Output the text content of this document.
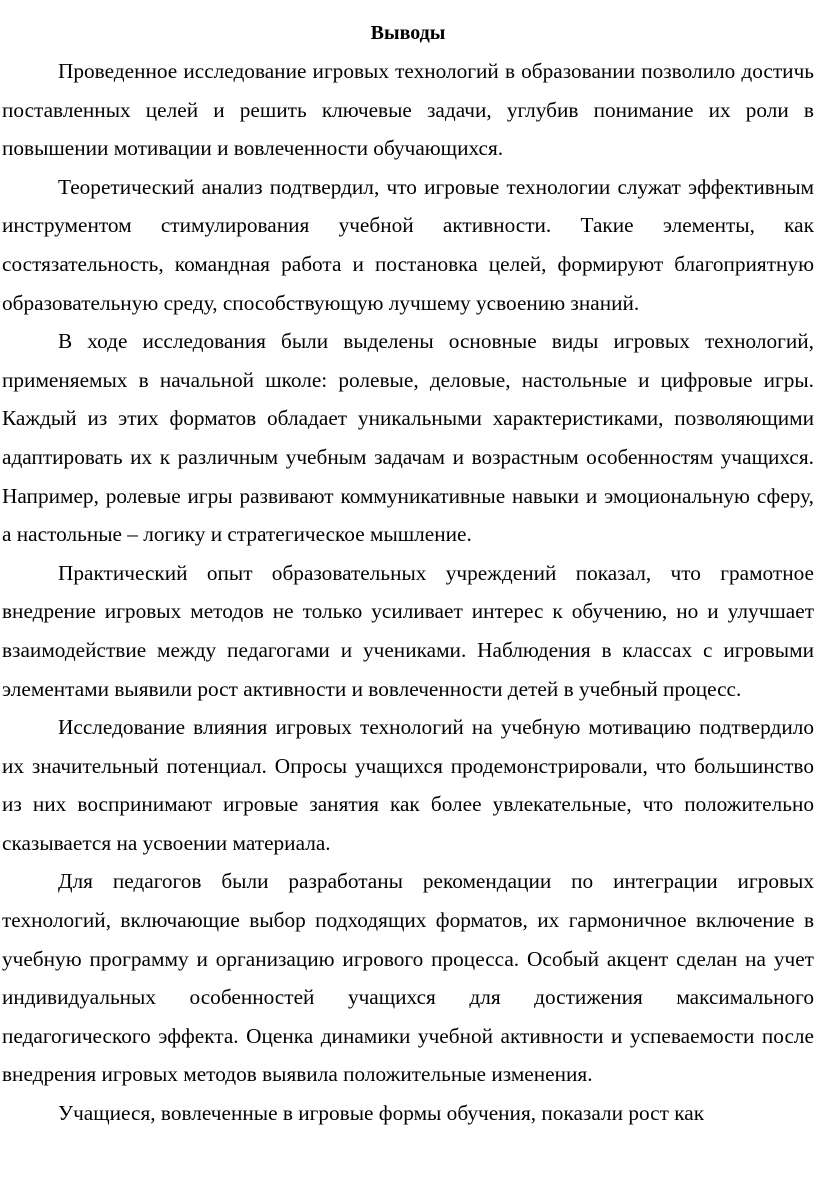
Выводы

Проведенное исследование игровых технологий в образовании позволило достичь поставленных целей и решить ключевые задачи, углубив понимание их роли в повышении мотивации и вовлеченности обучающихся.

Теоретический анализ подтвердил, что игровые технологии служат эффективным инструментом стимулирования учебной активности. Такие элементы, как состязательность, командная работа и постановка целей, формируют благоприятную образовательную среду, способствующую лучшему усвоению знаний.

В ходе исследования были выделены основные виды игровых технологий, применяемых в начальной школе: ролевые, деловые, настольные и цифровые игры. Каждый из этих форматов обладает уникальными характеристиками, позволяющими адаптировать их к различным учебным задачам и возрастным особенностям учащихся. Например, ролевые игры развивают коммуникативные навыки и эмоциональную сферу, а настольные – логику и стратегическое мышление.

Практический опыт образовательных учреждений показал, что грамотное внедрение игровых методов не только усиливает интерес к обучению, но и улучшает взаимодействие между педагогами и учениками. Наблюдения в классах с игровыми элементами выявили рост активности и вовлеченности детей в учебный процесс.

Исследование влияния игровых технологий на учебную мотивацию подтвердило их значительный потенциал. Опросы учащихся продемонстрировали, что большинство из них воспринимают игровые занятия как более увлекательные, что положительно сказывается на усвоении материала.

Для педагогов были разработаны рекомендации по интеграции игровых технологий, включающие выбор подходящих форматов, их гармоничное включение в учебную программу и организацию игрового процесса. Особый акцент сделан на учет индивидуальных особенностей учащихся для достижения максимального педагогического эффекта. Оценка динамики учебной активности и успеваемости после внедрения игровых методов выявила положительные изменения.

Учащиеся, вовлеченные в игровые формы обучения, показали рост как
